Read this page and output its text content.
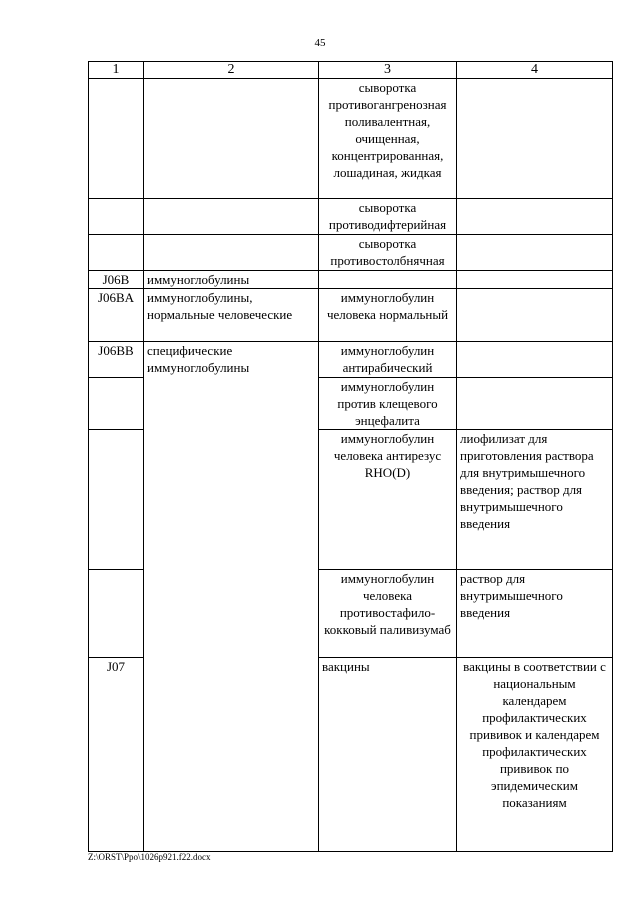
45
1	2	3	4	
		сыворотка противогангренозная поливалентная, очищенная, концентрированная, лошадиная, жидкая		
		сыворотка противодифтерийная		
		сыворотка противостолбнячная		
J06B	иммуноглобулины			
J06BA	иммуноглобулины, нормальные человеческие	иммуноглобулин человека нормальный		
J06BB	специфические иммуноглобулины	иммуноглобулин антирабический		
		иммуноглобулин против клещевого энцефалита		
		иммуноглобулин человека антирезус RHO(D)	лиофилизат для приготовления раствора для внутримышечного введения; раствор для внутримышечного введения	
		иммуноглобулин человека противостафило-кокковый паливизумаб	раствор для внутримышечного введения	
J07		вакцины	вакцины в соответствии с национальным календарем профилактических прививок и календарем профилактических прививок по эпидемическим показаниям	
Z:\ORST\Ppo\1026p921.f22.docx
